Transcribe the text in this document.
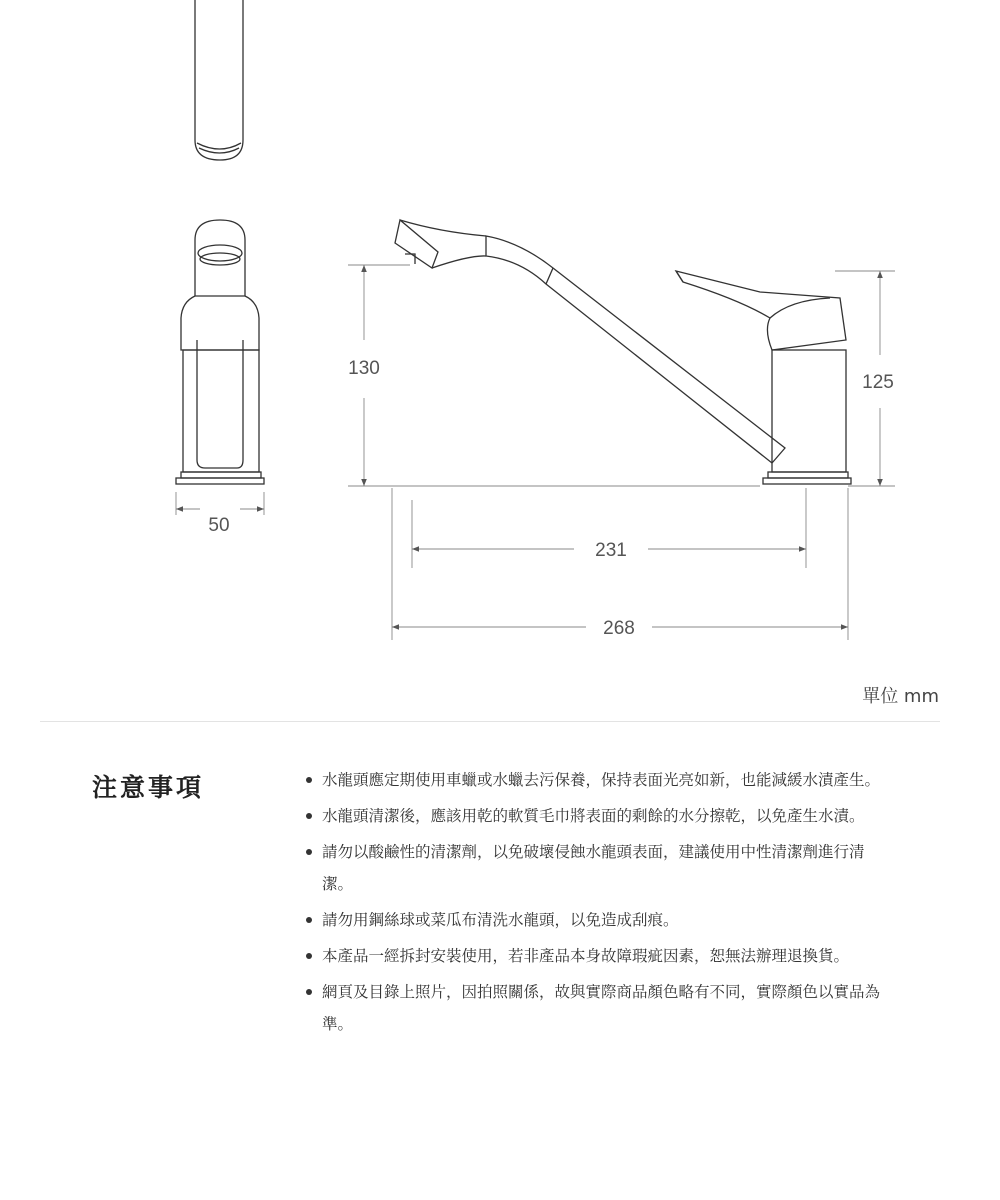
50
130
125
231
268
單位 mm
注意事項	水龍頭應定期使用車蠟或水蠟去污保養，保持表面光亮如新，也能減緩水漬產生。
水龍頭清潔後，應該用乾的軟質毛巾將表面的剩餘的水分擦乾，以免產生水漬。
請勿以酸鹼性的清潔劑，以免破壞侵蝕水龍頭表面，建議使用中性清潔劑進行清潔。
請勿用鋼絲球或菜瓜布清洗水龍頭，以免造成刮痕。
本產品一經拆封安裝使用，若非產品本身故障瑕疵因素，恕無法辦理退換貨。
網頁及目錄上照片，因拍照關係，故與實際商品顏色略有不同，實際顏色以實品為準。
